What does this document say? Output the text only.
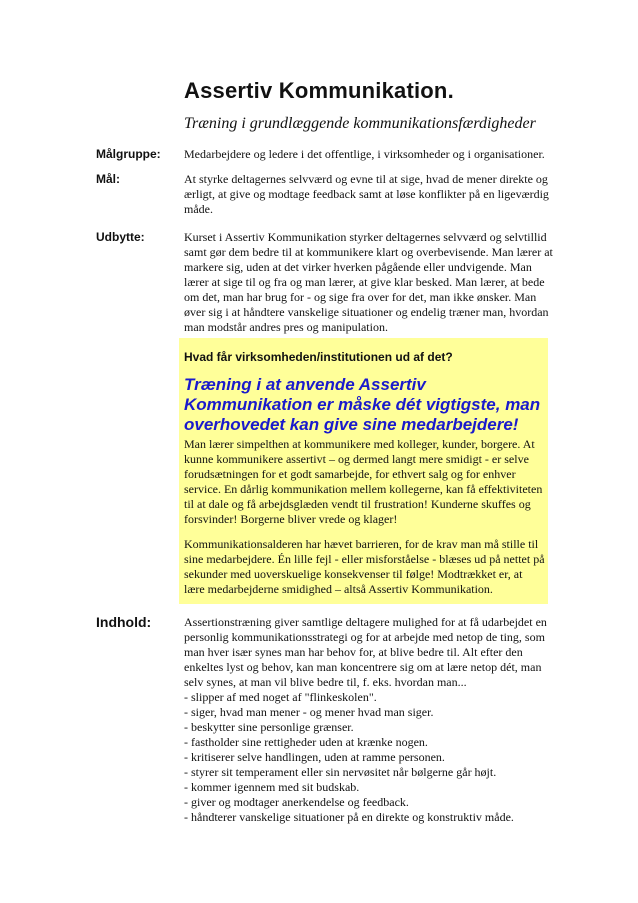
Assertiv Kommunikation.
Træning i grundlæggende kommunikationsfærdigheder
Målgruppe: Medarbejdere og ledere i det offentlige, i virksomheder og i organisationer.
Mål:	At styrke deltagernes selvværd og evne til at sige, hvad de mener direkte og ærligt, at give og modtage feedback samt at løse konflikter på en ligeværdig måde.
Udbytte:	Kurset i Assertiv Kommunikation styrker deltagernes selvværd og selvtillid samt gør dem bedre til at kommunikere klart og overbevisende. Man lærer at markere sig, uden at det virker hverken pågående eller undvigende. Man lærer at sige til og fra og man lærer, at give klar besked. Man lærer, at bede om det, man har brug for - og sige fra over for det, man ikke ønsker. Man øver sig i at håndtere vanskelige situationer og endelig træner man, hvordan man modstår andres pres og manipulation.
Hvad får virksomheden/institutionen ud af det?
Træning i at anvende Assertiv Kommunikation er måske dét vigtigste, man overhovedet kan give sine medarbejdere!
Man lærer simpelthen at kommunikere med kolleger, kunder, borgere. At kunne kommunikere assertivt – og dermed langt mere smidigt - er selve forudsætningen for et godt samarbejde, for ethvert salg og for enhver service. En dårlig kommunikation mellem kollegerne, kan få effektiviteten til at dale og få arbejdsglæden vendt til frustration! Kunderne skuffes og forsvinder! Borgerne bliver vrede og klager!
Kommunikationsalderen har hævet barrieren, for de krav man må stille til sine medarbejdere. Én lille fejl - eller misforståelse - blæses ud på nettet på sekunder med uoverskuelige konsekvenser til følge! Modtrækket er, at lære medarbejderne smidighed – altså Assertiv Kommunikation.
Indhold:	Assertionstræning giver samtlige deltagere mulighed for at få udarbejdet en personlig kommunikationsstrategi og for at arbejde med netop de ting, som man hver især synes man har behov for, at blive bedre til. Alt efter den enkeltes lyst og behov, kan man koncentrere sig om at lære netop dét, man selv synes, at man vil blive bedre til, f. eks. hvordan man...
- slipper af med noget af "flinkeskolen".
- siger, hvad man mener - og mener hvad man siger.
- beskytter sine personlige grænser.
- fastholder sine rettigheder uden at krænke nogen.
- kritiserer selve handlingen, uden at ramme personen.
- styrer sit temperament eller sin nervøsitet når bølgerne går højt.
- kommer igennem med sit budskab.
- giver og modtager anerkendelse og feedback.
- håndterer vanskelige situationer på en direkte og konstruktiv måde.
